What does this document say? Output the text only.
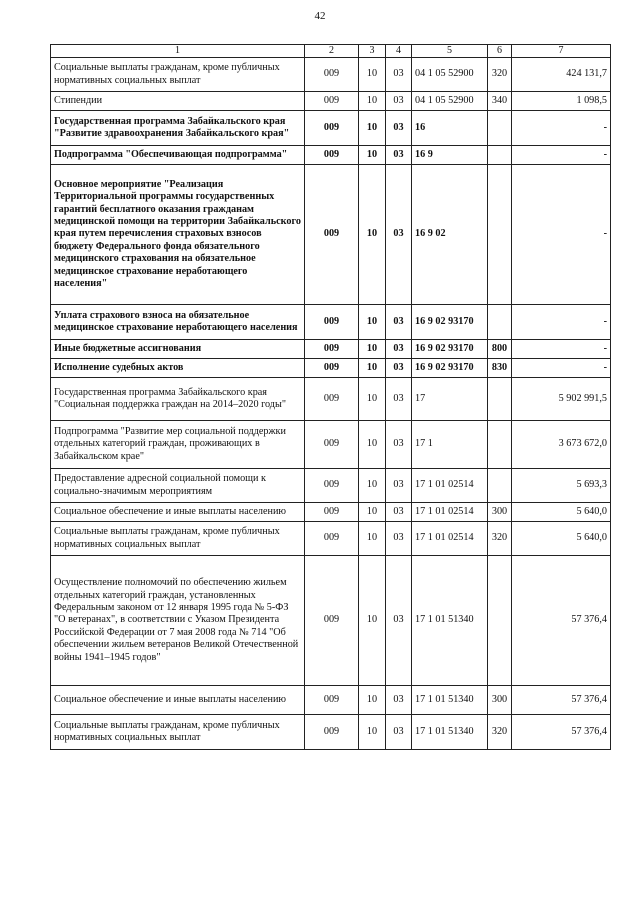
42
1	2	3	4	5	6	7
Социальные выплаты гражданам, кроме публичных нормативных социальных выплат	009	10	03	04 1 05 52900	320	424 131,7
Стипендии	009	10	03	04 1 05 52900	340	1 098,5
Государственная программа Забайкальского края "Развитие здравоохранения Забайкальского края"	009	10	03	16		-
Подпрограмма "Обеспечивающая подпрограмма"	009	10	03	16 9		-
Основное мероприятие "Реализация Территориальной программы государственных гарантий бесплатного оказания гражданам медицинской помощи на территории Забайкальского края путем перечисления страховых взносов бюджету Федерального фонда обязательного медицинского страхования на обязательное медицинское страхование неработающего населения"	009	10	03	16 9 02		-
Уплата страхового взноса на обязательное медицинское страхование неработающего населения	009	10	03	16 9 02 93170		-
Иные бюджетные ассигнования	009	10	03	16 9 02 93170	800	-
Исполнение судебных актов	009	10	03	16 9 02 93170	830	-
Государственная программа Забайкальского края "Социальная поддержка граждан на 2014–2020 годы"	009	10	03	17		5 902 991,5
Подпрограмма "Развитие мер социальной поддержки отдельных категорий граждан, проживающих в Забайкальском крае"	009	10	03	17 1		3 673 672,0
Предоставление адресной социальной помощи к социально-значимым мероприятиям	009	10	03	17 1 01 02514		5 693,3
Социальное обеспечение и иные выплаты населению	009	10	03	17 1 01 02514	300	5 640,0
Социальные выплаты гражданам, кроме публичных нормативных социальных выплат	009	10	03	17 1 01 02514	320	5 640,0
Осуществление полномочий по обеспечению жильем отдельных категорий граждан, установленных Федеральным законом от 12 января 1995 года № 5-ФЗ "О ветеранах", в соответствии с Указом Президента Российской Федерации от 7 мая 2008 года № 714 "Об обеспечении жильем ветеранов Великой Отечественной войны 1941–1945 годов"	009	10	03	17 1 01 51340		57 376,4
Социальное обеспечение и иные выплаты населению	009	10	03	17 1 01 51340	300	57 376,4
Социальные выплаты гражданам, кроме публичных нормативных социальных выплат	009	10	03	17 1 01 51340	320	57 376,4
